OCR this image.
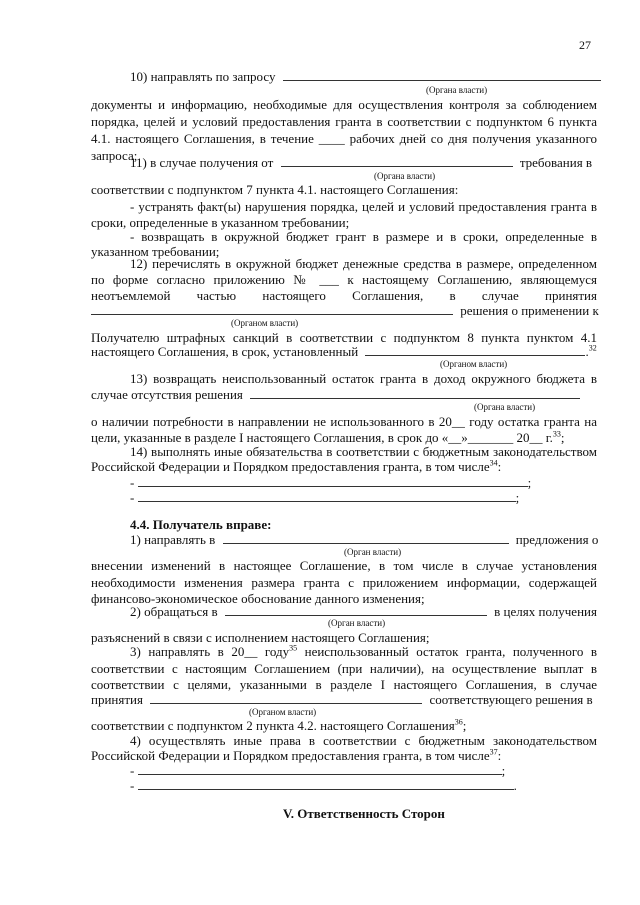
27
10) направлять по запросу
(Органа власти)
документы и информацию, необходимые для осуществления контроля за соблюдением
порядка, целей и условий предоставления гранта в соответствии с подпунктом 6 пункта
4.1. настоящего Соглашения, в течение ____ рабочих дней со дня получения указанного
запроса;
11) в случае получения от	требования в
(Органа власти)
соответствии с подпунктом 7 пункта 4.1. настоящего Соглашения:
- устранять факт(ы) нарушения порядка, целей и условий предоставления гранта в
сроки, определенные в указанном требовании;
- возвращать в окружной бюджет грант в размере и в сроки, определенные в
указанном требовании;
12) перечислять в окружной бюджет денежные средства в размере, определенном
по форме согласно приложению № ___ к настоящему Соглашению, являющемуся
неотъемлемой частью настоящего Соглашения, в случае принятия
решения о применении к
(Органом власти)
Получателю штрафных санкций в соответствии с подпунктом 8 пункта пунктом 4.1
настоящего Соглашения, в срок, установленный	.$^{32}$
(Органом власти)
13) возвращать неиспользованный остаток гранта в доход окружного бюджета в
случае отсутствия решения
(Органа власти)
о наличии потребности в направлении не использованного в 20__ году остатка гранта на
цели, указанные в разделе I настоящего Соглашения, в срок до «__»_______ 20__ г.$^{33}$;
14) выполнять иные обязательства в соответствии с бюджетным законодательством
Российской Федерации и Порядком предоставления гранта, в том числе$^{34}$:
-	;
-	;
4.4. Получатель вправе:
1) направлять в	предложения о
(Орган власти)
внесении изменений в настоящее Соглашение, в том числе в случае установления
необходимости изменения размера гранта с приложением информации, содержащей
финансово-экономическое обоснование данного изменения;
2) обращаться в	в целях получения
(Орган власти)
разъяснений в связи с исполнением настоящего Соглашения;
3) направлять в 20__ году$^{35}$ неиспользованный остаток гранта, полученного в
соответствии с настоящим Соглашением (при наличии), на осуществление выплат в
соответствии с целями, указанными в разделе I настоящего Соглашения, в случае
принятия	соответствующего решения в
(Органом власти)
соответствии с подпунктом 2 пункта 4.2. настоящего Соглашения$^{36}$;
4) осуществлять иные права в соответствии с бюджетным законодательством
Российской Федерации и Порядком предоставления гранта, в том числе$^{37}$:
-	;
-	.
V. Ответственность Сторон
